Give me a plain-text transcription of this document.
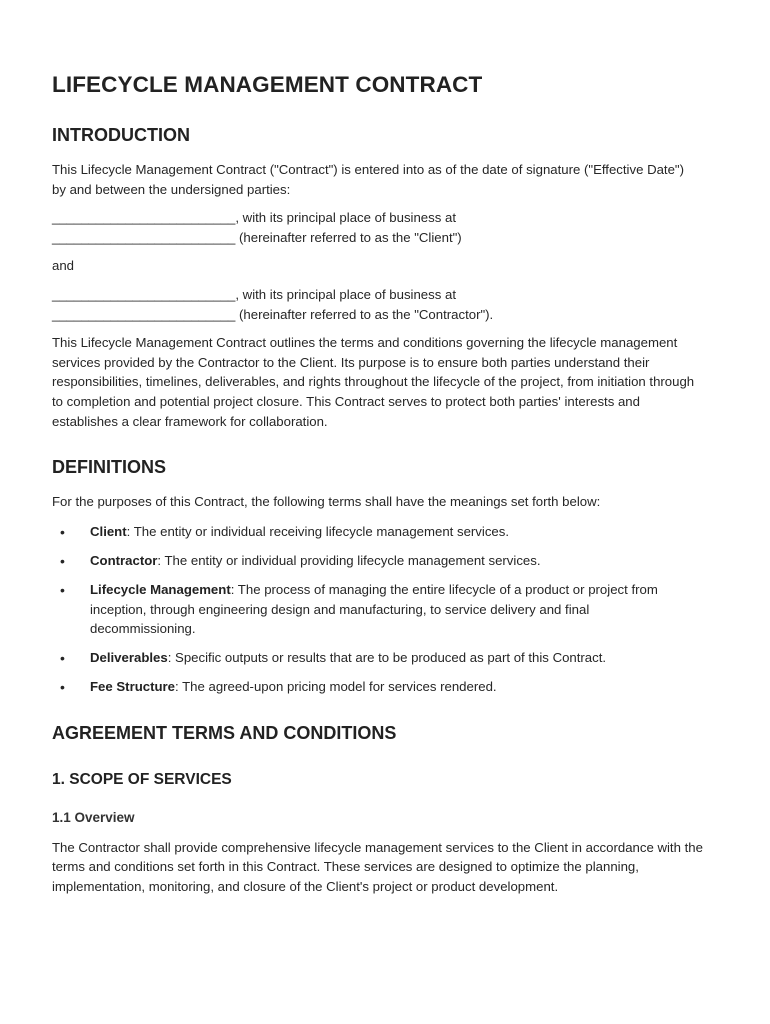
LIFECYCLE MANAGEMENT CONTRACT
INTRODUCTION

This Lifecycle Management Contract ("Contract") is entered into as of the date of signature ("Effective Date") by and between the undersigned parties:

_________________________, with its principal place of business at
_________________________ (hereinafter referred to as the "Client")

and

_________________________, with its principal place of business at
_________________________ (hereinafter referred to as the "Contractor").

This Lifecycle Management Contract outlines the terms and conditions governing the lifecycle management services provided by the Contractor to the Client. Its purpose is to ensure both parties understand their responsibilities, timelines, deliverables, and rights throughout the lifecycle of the project, from initiation through to completion and potential project closure. This Contract serves to protect both parties' interests and establishes a clear framework for collaboration.

DEFINITIONS

For the purposes of this Contract, the following terms shall have the meanings set forth below:

• Client: The entity or individual receiving lifecycle management services.
• Contractor: The entity or individual providing lifecycle management services.
• Lifecycle Management: The process of managing the entire lifecycle of a product or project from inception, through engineering design and manufacturing, to service delivery and final decommissioning.
• Deliverables: Specific outputs or results that are to be produced as part of this Contract.
• Fee Structure: The agreed-upon pricing model for services rendered.
AGREEMENT TERMS AND CONDITIONS
1. SCOPE OF SERVICES
1.1 Overview

The Contractor shall provide comprehensive lifecycle management services to the Client in accordance with the terms and conditions set forth in this Contract. These services are designed to optimize the planning, implementation, monitoring, and closure of the Client's project or product development.
